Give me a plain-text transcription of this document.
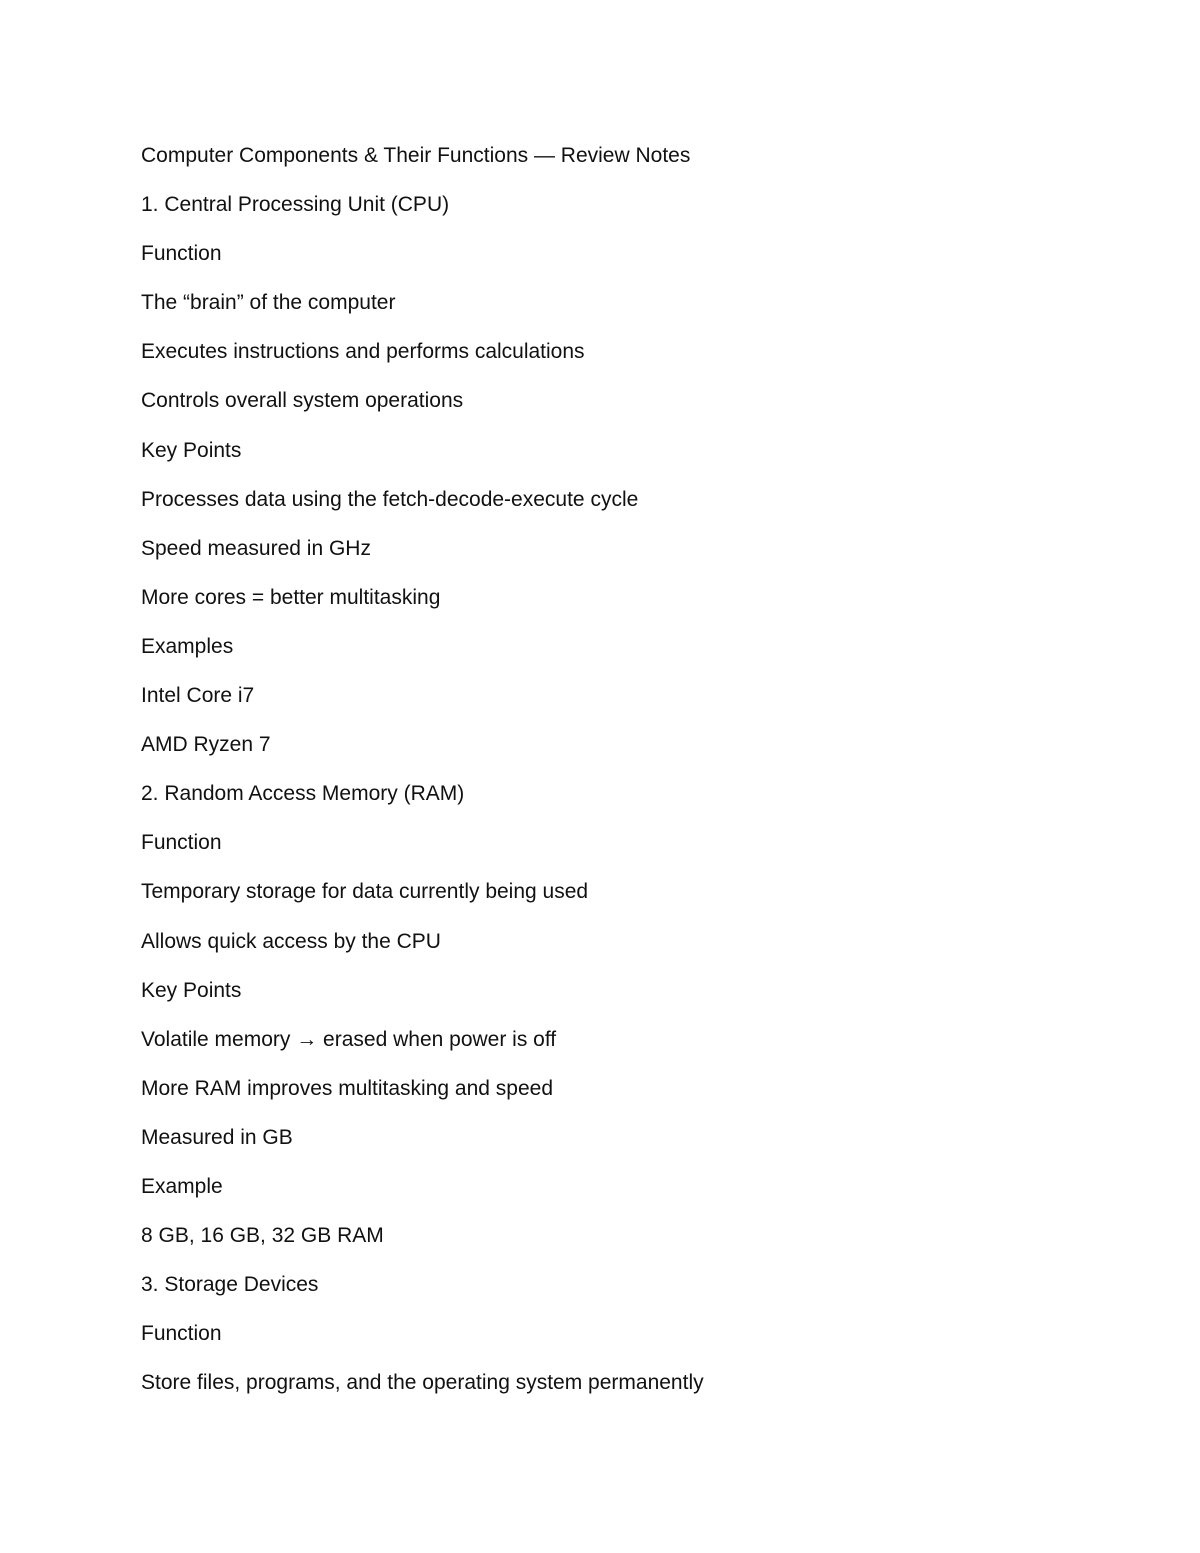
Computer Components & Their Functions — Review Notes

1. Central Processing Unit (CPU)

Function

The “brain” of the computer

Executes instructions and performs calculations

Controls overall system operations

Key Points

Processes data using the fetch-decode-execute cycle

Speed measured in GHz

More cores = better multitasking

Examples

Intel Core i7

AMD Ryzen 7

2. Random Access Memory (RAM)

Function

Temporary storage for data currently being used

Allows quick access by the CPU

Key Points

Volatile memory → erased when power is off

More RAM improves multitasking and speed

Measured in GB

Example

8 GB, 16 GB, 32 GB RAM

3. Storage Devices

Function

Store files, programs, and the operating system permanently
